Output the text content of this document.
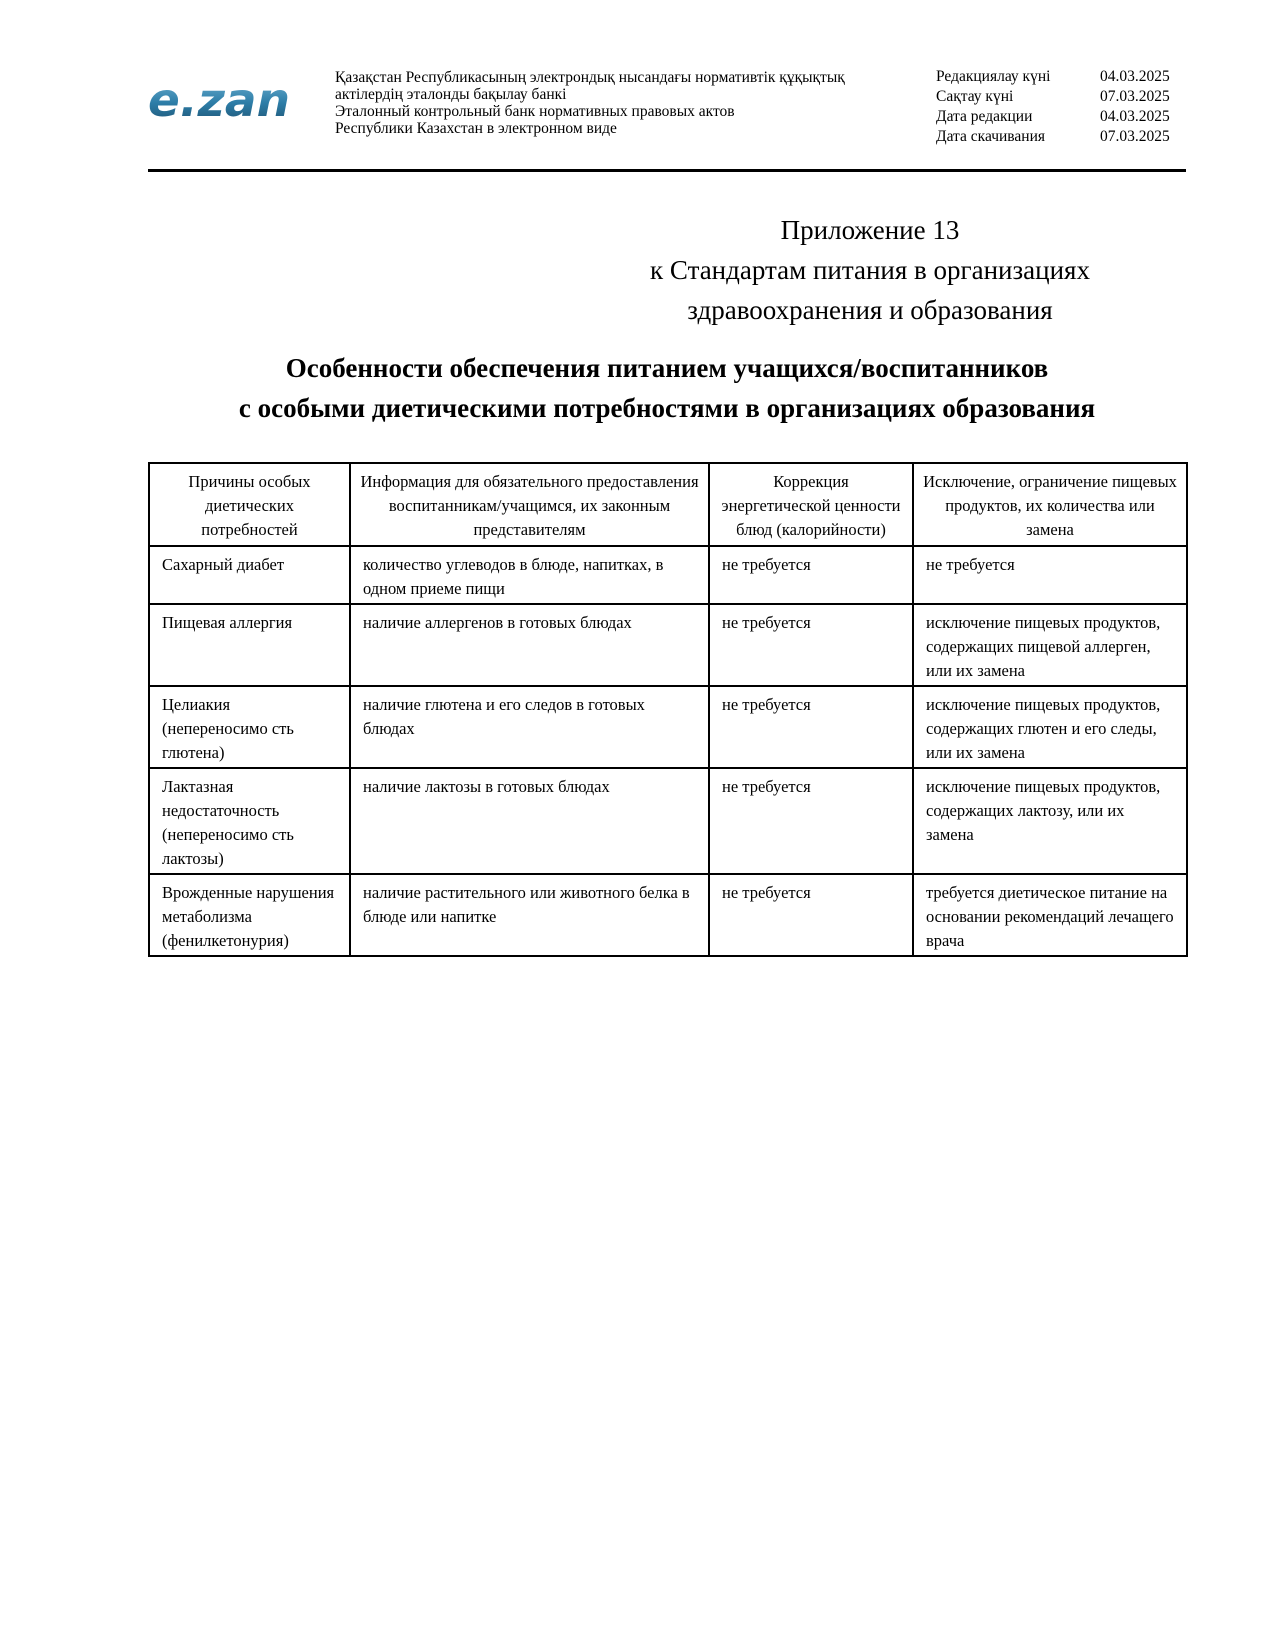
e.zan	Қазақстан Республикасының электрондық нысандағы нормативтік құқықтық
актілердің эталонды бақылау банкі
Эталонный контрольный банк нормативных правовых актов
Республики Казахстан в электронном виде
Редакциялау күні	04.03.2025
Сақтау күні	07.03.2025
Дата редакции	04.03.2025
Дата скачивания	07.03.2025
Приложение 13
к Стандартам питания в организациях
здравоохранения и образования
Особенности обеспечения питанием учащихся/воспитанников
с особыми диетическими потребностями в организациях образования
Причины особых диетических потребностей	Информация для обязательного предоставления воспитанникам/учащимся, их законным представителям	Коррекция энергетической ценности блюд (калорийности)	Исключение, ограничение пищевых продуктов, их количества или замена
Сахарный диабет	количество углеводов в блюде, напитках, в одном приеме пищи	не требуется	не требуется
Пищевая аллергия	наличие аллергенов в готовых блюдах	не требуется	исключение пищевых продуктов, содержащих пищевой аллерген, или их замена
Целиакия (непереносимо сть глютена)	наличие глютена и его следов в готовых блюдах	не требуется	исключение пищевых продуктов, содержащих глютен и его следы, или их замена
Лактазная недостаточность (непереносимо сть лактозы)	наличие лактозы в готовых блюдах	не требуется	исключение пищевых продуктов, содержащих лактозу, или их замена
Врожденные нарушения метаболизма (фенилкетонурия)	наличие растительного или животного белка в блюде или напитке	не требуется	требуется диетическое питание на основании рекомендаций лечащего врача
